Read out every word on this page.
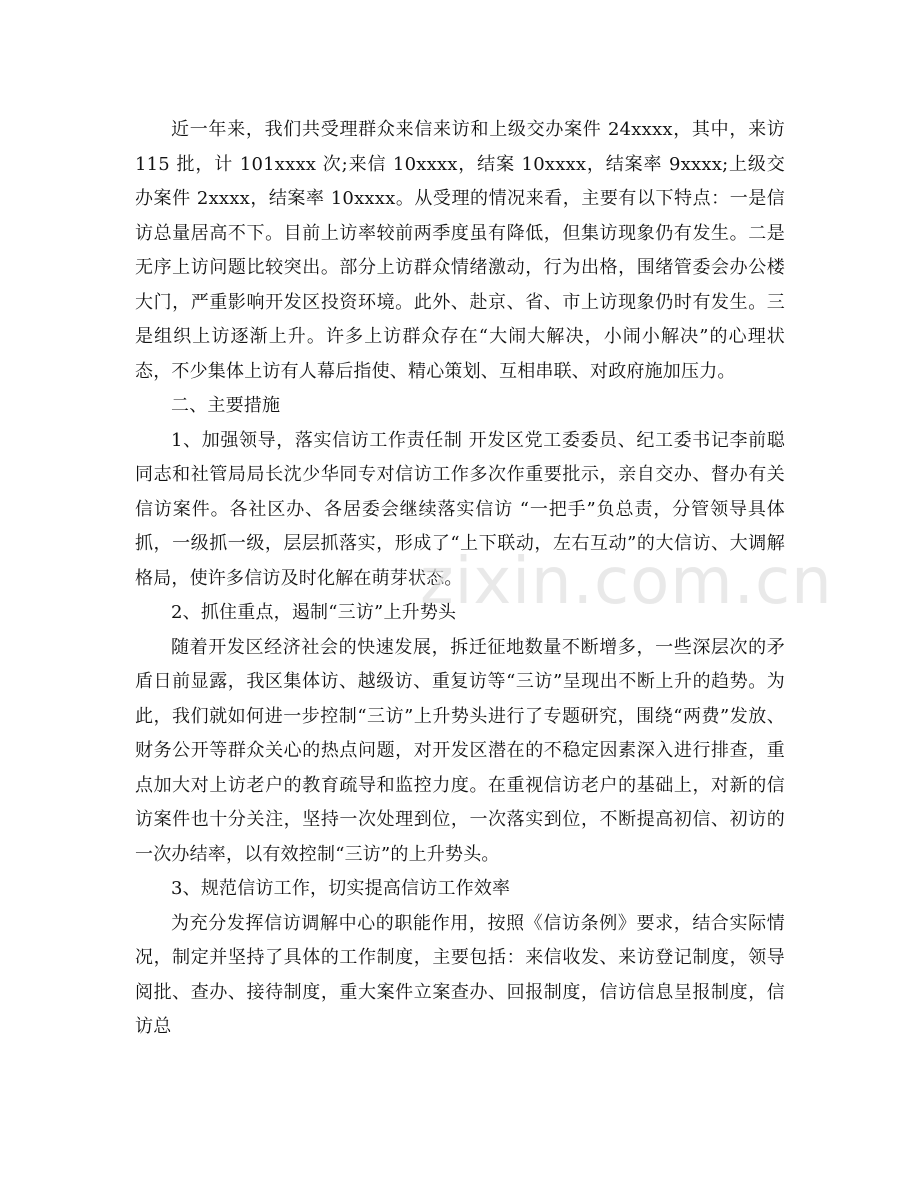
近一年来，我们共受理群众来信来访和上级交办案件 24xxxx，其中，来访 115 批，计 101xxxx 次;来信 10xxxx，结案 10xxxx，结案率 9xxxx;上级交办案件 2xxxx，结案率 10xxxx。从受理的情况来看，主要有以下特点：一是信访总量居高不下。目前上访率较前两季度虽有降低，但集访现象仍有发生。二是无序上访问题比较突出。部分上访群众情绪激动，行为出格，围绪管委会办公楼大门，严重影响开发区投资环境。此外、赴京、省、市上访现象仍时有发生。三是组织上访逐渐上升。许多上访群众存在“大闹大解决，小闹小解决”的心理状态，不少集体上访有人幕后指使、精心策划、互相串联、对政府施加压力。

二、主要措施

1、加强领导，落实信访工作责任制 开发区党工委委员、纪工委书记李前聪同志和社管局局长沈少华同专对信访工作多次作重要批示，亲自交办、督办有关信访案件。各社区办、各居委会继续落实信访 “一把手”负总责，分管领导具体抓，一级抓一级，层层抓落实，形成了“上下联动，左右互动”的大信访、大调解格局，使许多信访及时化解在萌芽状态。

2、抓住重点，遏制“三访”上升势头

随着开发区经济社会的快速发展，拆迁征地数量不断增多，一些深层次的矛盾日前显露，我区集体访、越级访、重复访等“三访”呈现出不断上升的趋势。为此，我们就如何进一步控制“三访”上升势头进行了专题研究，围绕“两费”发放、财务公开等群众关心的热点问题，对开发区潜在的不稳定因素深入进行排查，重点加大对上访老户的教育疏导和监控力度。在重视信访老户的基础上，对新的信访案件也十分关注，坚持一次处理到位，一次落实到位，不断提高初信、初访的一次办结率，以有效控制“三访”的上升势头。

3、规范信访工作，切实提高信访工作效率

为充分发挥信访调解中心的职能作用，按照《信访条例》要求，结合实际情况，制定并坚持了具体的工作制度，主要包括：来信收发、来访登记制度，领导阅批、查办、接待制度，重大案件立案查办、回报制度，信访信息呈报制度，信访总

zixin.com.cn
